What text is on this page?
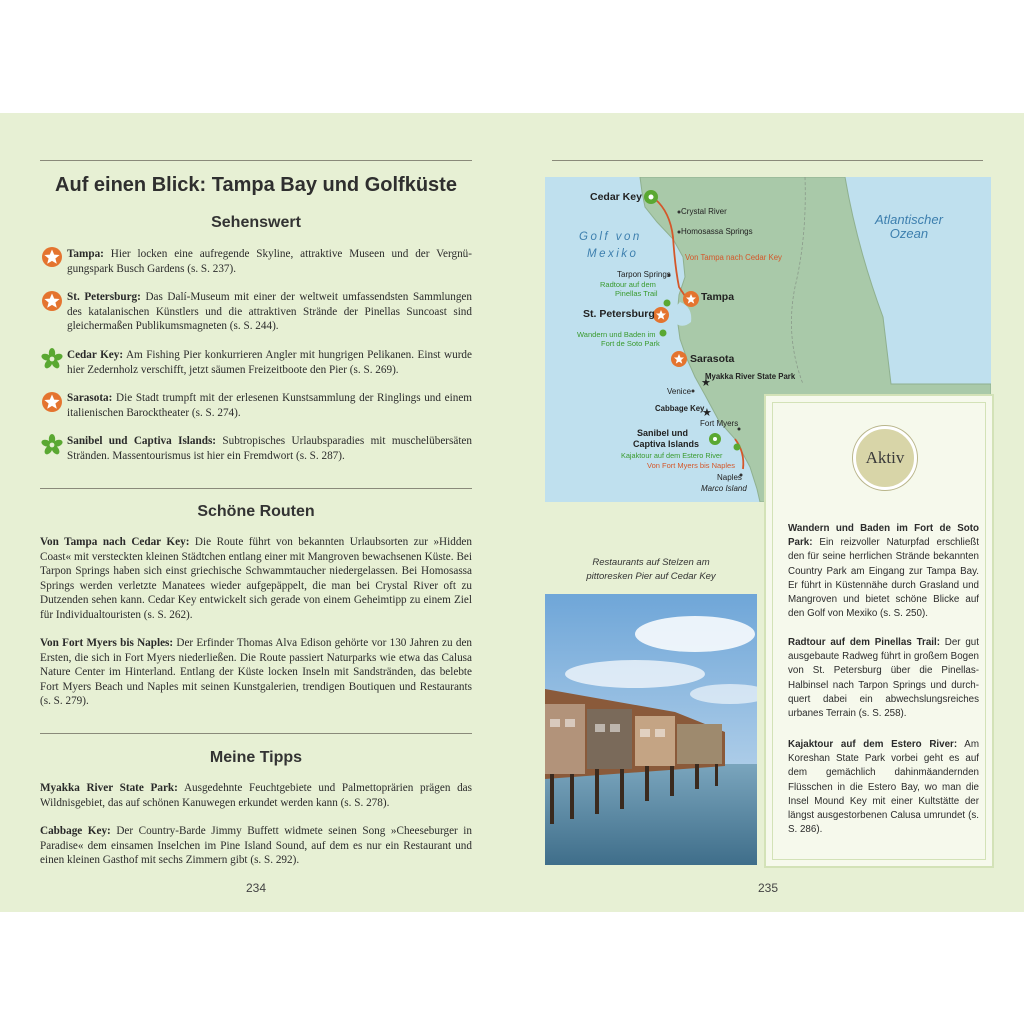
Auf einen Blick: Tampa Bay und Golfküste
Sehenswert
Tampa: Hier locken eine aufregende Skyline, attraktive Museen und der Vergnügungspark Busch Gardens (s. S. 237).
St. Petersburg: Das Dalí-Museum mit einer der weltweit umfassendsten Sammlungen des katalanischen Künstlers und die attraktiven Strände der Pinellas Suncoast sind gleichermaßen Publikumsmagneten (s. S. 244).
Cedar Key: Am Fishing Pier konkurrieren Angler mit hungrigen Pelikanen. Einst wurde hier Zedernholz verschifft, jetzt säumen Freizeitboote den Pier (s. S. 269).
Sarasota: Die Stadt trumpft mit der erlesenen Kunstsammlung der Ringlings und einem italienischen Barocktheater (s. S. 274).
Sanibel und Captiva Islands: Subtropisches Urlaubsparadies mit muschelübersäten Stränden. Massentourismus ist hier ein Fremdwort (s. S. 287).
Schöne Routen
Von Tampa nach Cedar Key: Die Route führt von bekannten Urlaubsorten zur »Hidden Coast« mit versteckten kleinen Städtchen entlang einer mit Mangroven bewachsenen Küste. Bei Tarpon Springs haben sich einst griechische Schwammtaucher niedergelassen. Bei Homosassa Springs werden verletzte Manatees wieder aufgepäppelt, die man bei Crystal River oft zu Dutzenden sehen kann. Cedar Key entwickelt sich gerade von einem Geheimtipp zu einem Ziel für Individualtouristen (s. S. 262).
Von Fort Myers bis Naples: Der Erfinder Thomas Alva Edison gehörte vor 130 Jahren zu den Ersten, die sich in Fort Myers niederließen. Die Route passiert Naturparks wie etwa das Calusa Nature Center im Hinterland. Entlang der Küste locken Inseln mit Sandstränden, das belebte Fort Myers Beach und Naples mit seinen Kunstgalerien, trendigen Boutiquen und Restaurants (s. S. 279).
Meine Tipps
Myakka River State Park: Ausgedehnte Feuchtgebiete und Palmettoprärien prägen das Wildnisgebiet, das auf schönen Kanuwegen erkundet werden kann (s. S. 278).
Cabbage Key: Der Country-Barde Jimmy Buffett widmete seinen Song »Cheeseburger in Paradise« dem einsamen Inselchen im Pine Island Sound, auf dem es nur ein Restaurant und einen kleinen Gasthof mit sechs Zimmern gibt (s. S. 292).
234
★
★
Atlantischer
Ozean
Golf von
Mexiko
Cedar Key
Crystal River
Homosassa Springs
Von Tampa nach Cedar Key
Tarpon Springs
Radtour auf dem
Pinellas Trail	Tampa
St. Petersburg
Wandern und Baden im
Fort de Soto Park
Sarasota
Myakka River State Park
Venice
Cabbage Key
Fort Myers
Sanibel und
Captiva Islands
Kajaktour auf dem Estero River
Von Fort Myers bis Naples
Naples
Marco Island
Restaurants auf Stelzen am
pittoresken Pier auf Cedar Key
Aktiv
Wandern und Baden im Fort de Soto Park: Ein reizvoller Naturpfad erschließt den für seine herrlichen Strände bekannten Country Park am Eingang zur Tampa Bay. Er führt in Küstennähe durch Grasland und Mangroven und bietet schöne Blicke auf den Golf von Mexiko (s. S. 250).
Radtour auf dem Pinellas Trail: Der gut ausgebaute Radweg führt in großem Bogen von St. Petersburg über die Pinellas-Halbinsel nach Tarpon Springs und durchquert dabei ein abwechslungsreiches urbanes Terrain (s. S. 258).
Kajaktour auf dem Estero River: Am Koreshan State Park vorbei geht es auf dem gemächlich dahinmäandernden Flüsschen in die Estero Bay, wo man die Insel Mound Key mit einer Kultstätte der längst ausgestorbenen Calusa umrundet (s. S. 286).
235
